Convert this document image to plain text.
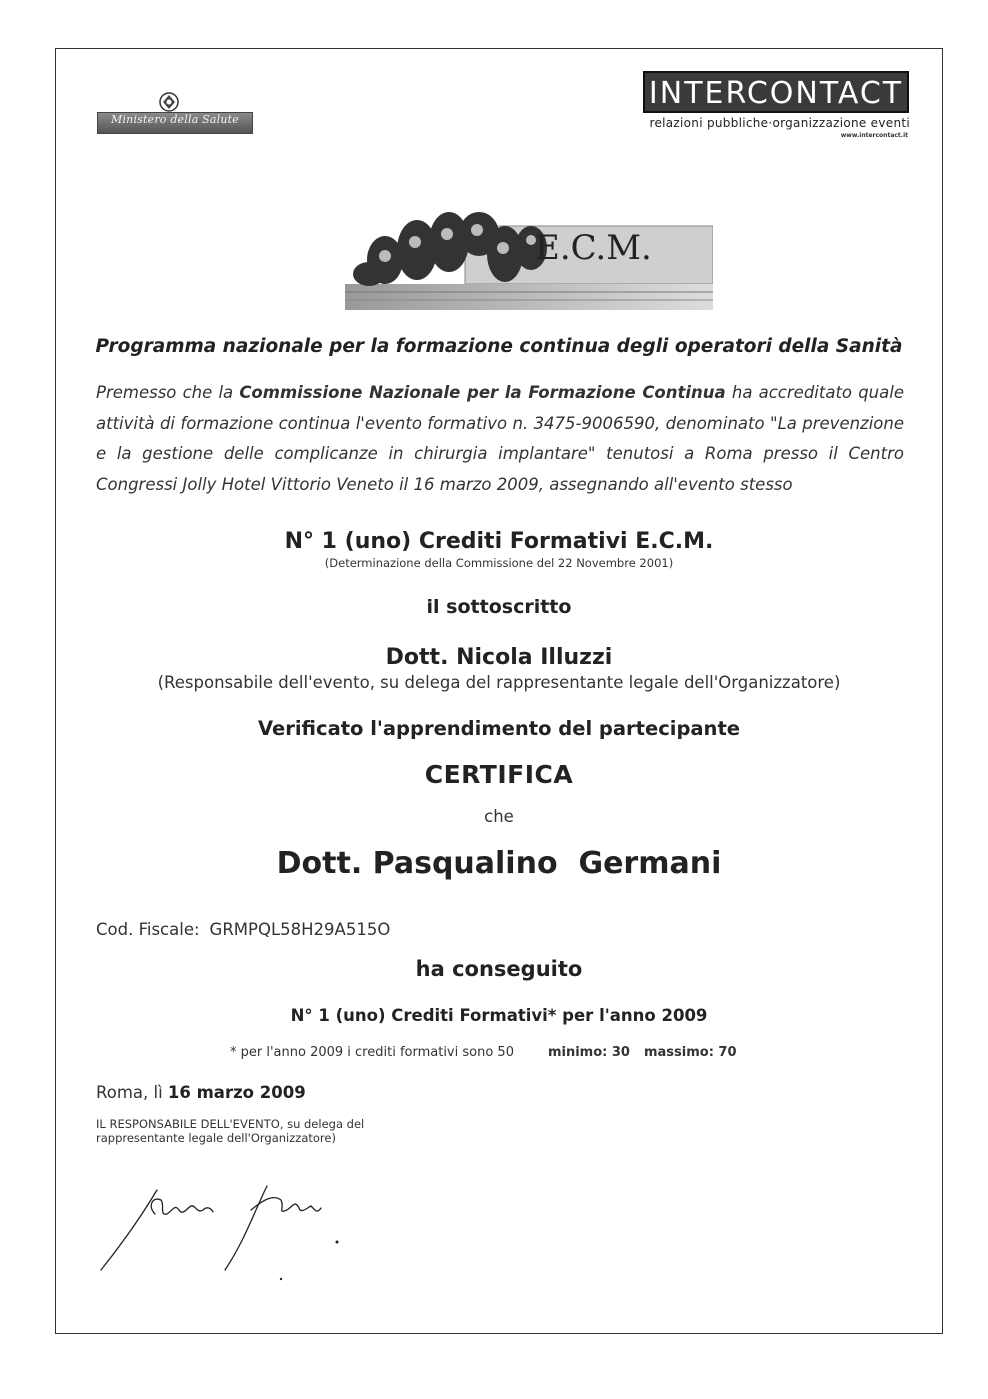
Ministero della Salute
INTERCONTACT
relazioni pubbliche·organizzazione eventi
www.intercontact.it
E.C.M.
Programma nazionale per la formazione continua degli operatori della Sanità
Premesso che la Commissione Nazionale per la Formazione Continua ha accreditato quale attività di formazione continua l'evento formativo n. 3475-9006590, denominato "La prevenzione e la gestione delle complicanze in chirurgia implantare" tenutosi a Roma presso il Centro Congressi Jolly Hotel Vittorio Veneto il 16 marzo 2009, assegnando all'evento stesso
N° 1 (uno) Crediti Formativi E.C.M.
(Determinazione della Commissione del 22 Novembre 2001)
il sottoscritto
Dott. Nicola Illuzzi
(Responsabile dell'evento, su delega del rappresentante legale dell'Organizzatore)
Verificato l'apprendimento del partecipante
CERTIFICA
che
Dott. Pasqualino  Germani
Cod. Fiscale: GRMPQL58H29A515O
ha conseguito
N° 1 (uno) Crediti Formativi* per l'anno 2009
* per l'anno 2009 i crediti formativi sono 50	minimo: 30 massimo: 70
Roma, lì 16 marzo 2009
IL RESPONSABILE DELL'EVENTO, su delega del rappresentante legale dell'Organizzatore)
